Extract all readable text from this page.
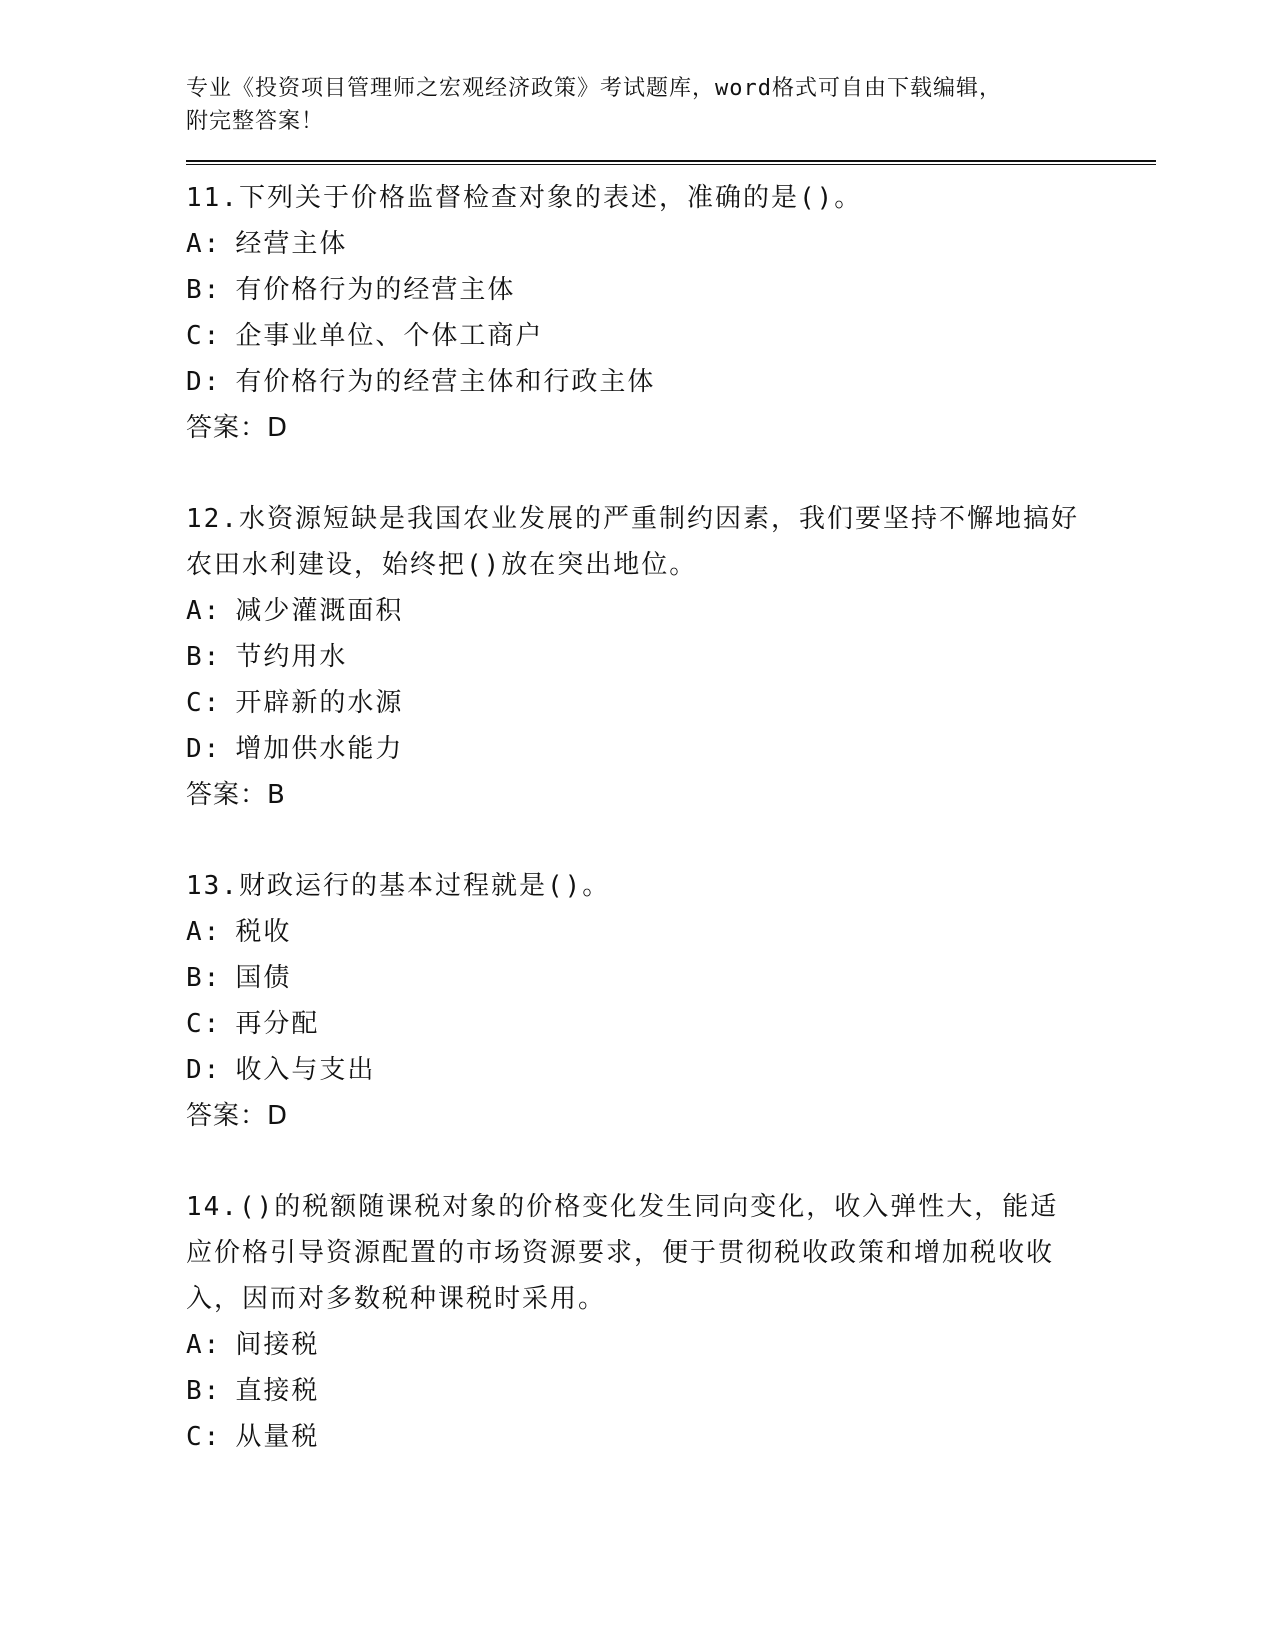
专业《投资项目管理师之宏观经济政策》考试题库，word格式可自由下载编辑，

附完整答案！

11.下列关于价格监督检查对象的表述，准确的是()。

A: 经营主体

B: 有价格行为的经营主体

C: 企事业单位、个体工商户

D: 有价格行为的经营主体和行政主体

答案：D

12.水资源短缺是我国农业发展的严重制约因素，我们要坚持不懈地搞好农田水利建设，始终把()放在突出地位。

A: 减少灌溉面积

B: 节约用水

C: 开辟新的水源

D: 增加供水能力

答案：B

13.财政运行的基本过程就是()。

A: 税收

B: 国债

C: 再分配

D: 收入与支出

答案：D

14.()的税额随课税对象的价格变化发生同向变化，收入弹性大，能适应价格引导资源配置的市场资源要求，便于贯彻税收政策和增加税收收入，因而对多数税种课税时采用。

A: 间接税

B: 直接税

C: 从量税
